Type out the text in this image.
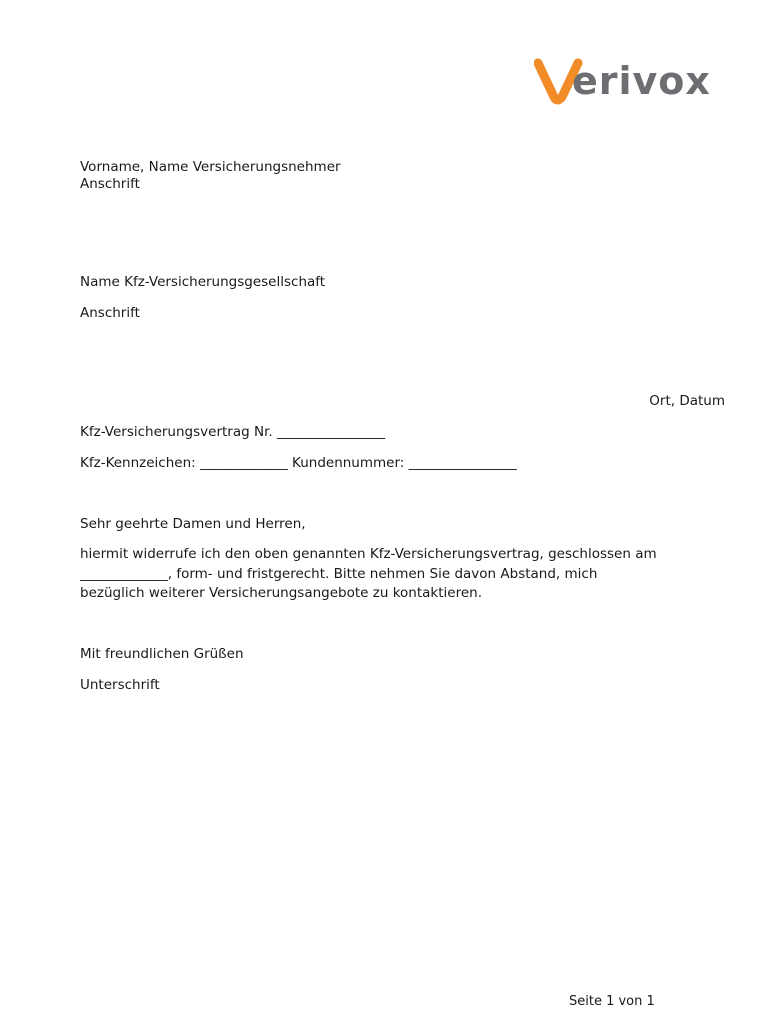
erivox
Vorname, Name Versicherungsnehmer
Anschrift
Name Kfz-Versicherungsgesellschaft
Anschrift
Ort, Datum
Kfz-Versicherungsvertrag Nr. ________________
Kfz-Kennzeichen: _____________ Kundennummer: ________________
Sehr geehrte Damen und Herren,
hiermit widerrufe ich den oben genannten Kfz-Versicherungsvertrag, geschlossen am
_____________, form- und fristgerecht. Bitte nehmen Sie davon Abstand, mich
bezüglich weiterer Versicherungsangebote zu kontaktieren.
Mit freundlichen Grüßen
Unterschrift
Seite 1 von 1
